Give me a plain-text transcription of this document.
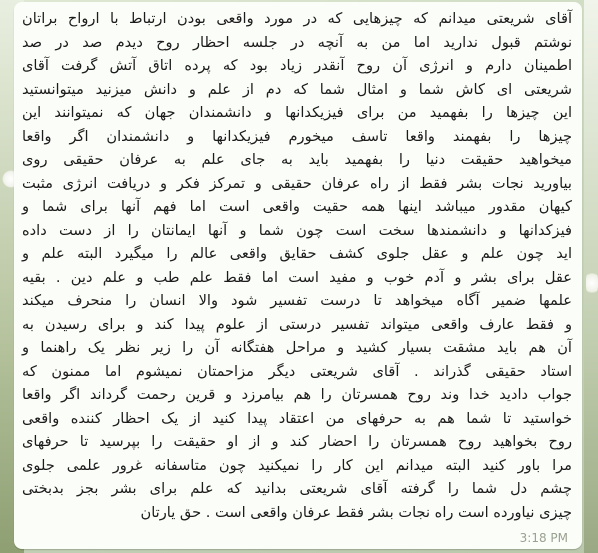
آقای شریعتی میدانم که چیزهایی که در مورد واقعی بودن ارتباط با ارواح براتان
نوشتم قبول ندارید اما من به آنچه در جلسه احظار روح دیدم صد در صد
اطمینان دارم و انرژی آن روح آنقدر زیاد بود که پرده اتاق آتش گرفت آقای
شریعتی ای کاش شما و امثال شما که دم از علم و دانش میزنید میتوانستید
این چیزها را بفهمید من برای فیزیکدانها و دانشمندان جهان که نمیتوانند این
چیزها را بفهمند واقعا تاسف میخورم فیزیکدانها و دانشمندان اگر واقعا
میخواهید حقیقت دنیا را بفهمید باید به جای علم به عرفان حقیقی روی
بیاورید نجات بشر فقط از راه عرفان حقیقی و تمرکز فکر و دریافت انرژی مثبت
کیهان مقدور میباشد اینها همه حقیت واقعی است اما فهم آنها برای شما و
فیزکدانها و دانشمندها سخت است چون شما و آنها ایمانتان را از دست داده
اید چون علم و عقل جلوی کشف حقایق واقعی عالم را میگیرد البته علم و
عقل برای بشر و آدم خوب و مفید است اما فقط علم طب و علم دین . بقیه
علمها ضمیر آگاه میخواهد تا درست تفسیر شود والا انسان را منحرف میکند
و فقط عارف واقعی میتواند تفسیر درستی از علوم پیدا کند و برای رسیدن به
آن هم باید مشقت بسیار کشید و مراحل هفتگانه آن را زیر نظر یک راهنما و
استاد حقیقی گذراند . آقای شریعتی دیگر مزاحمتان نمیشوم اما ممنون که
جواب دادید خدا وند روح همسرتان را هم بیامرزد و قرین رحمت گرداند اگر واقعا
خواستید تا شما هم به حرفهای من اعتقاد پیدا کنید از یک احظار کننده واقعی
روح بخواهید روح همسرتان را احضار کند و از او حقیقت را بپرسید تا حرفهای
مرا باور کنید البته میدانم این کار را نمیکنید چون متاسفانه غرور علمی جلوی
چشم دل شما را گرفته آقای شریعتی بدانید که علم برای بشر بجز بدبختی
چیزی نیاورده است راه نجات بشر فقط عرفان واقعی است . حق یارتان
3:18 PM
